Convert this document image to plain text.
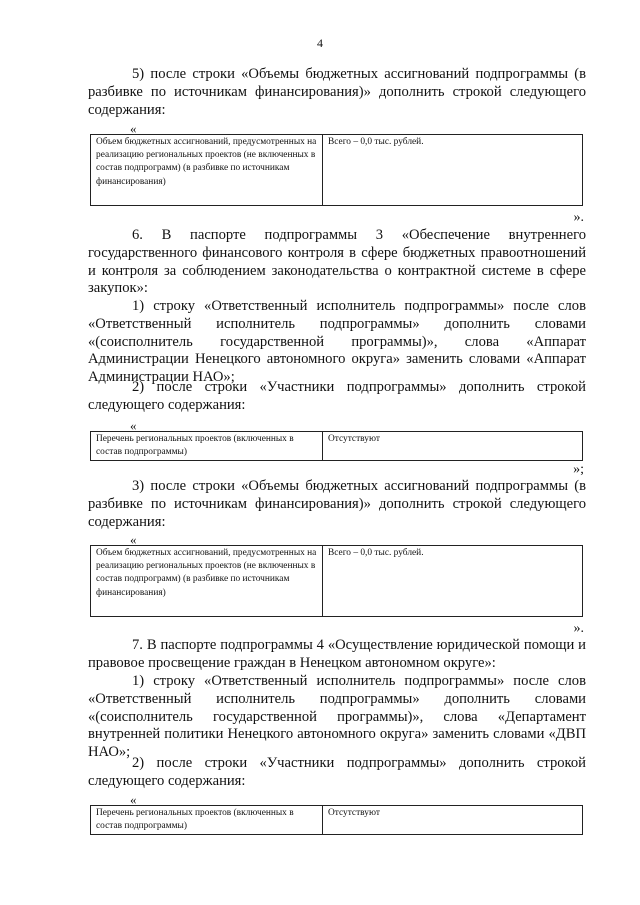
4

5) после строки «Объемы бюджетных ассигнований подпрограммы (в разбивке по источникам финансирования)» дополнить строкой следующего содержания:

«
Объем бюджетных ассигнований, предусмотренных на реализацию региональных проектов (не включенных в состав подпрограмм) (в разбивке по источникам финансирования)	Всего – 0,0 тыс. рублей.
».

6. В паспорте подпрограммы 3 «Обеспечение внутреннего государственного финансового контроля в сфере бюджетных правоотношений и контроля за соблюдением законодательства о контрактной системе в сфере закупок»:

1) строку «Ответственный исполнитель подпрограммы» после слов «Ответственный исполнитель подпрограммы» дополнить словами «(соисполнитель государственной программы)», слова «Аппарат Администрации Ненецкого автономного округа» заменить словами «Аппарат Администрации НАО»;

2) после строки «Участники подпрограммы» дополнить строкой следующего содержания:

«
Перечень региональных проектов (включенных в состав подпрограммы)	Отсутствуют
»;

3) после строки «Объемы бюджетных ассигнований подпрограммы (в разбивке по источникам финансирования)» дополнить строкой следующего содержания:

«
Объем бюджетных ассигнований, предусмотренных на реализацию региональных проектов (не включенных в состав подпрограмм) (в разбивке по источникам финансирования)	Всего – 0,0 тыс. рублей.
».

7. В паспорте подпрограммы 4 «Осуществление юридической помощи и правовое просвещение граждан в Ненецком автономном округе»:

1) строку «Ответственный исполнитель подпрограммы» после слов «Ответственный исполнитель подпрограммы» дополнить словами «(соисполнитель государственной программы)», слова «Департамент внутренней политики Ненецкого автономного округа» заменить словами «ДВП НАО»;

2) после строки «Участники подпрограммы» дополнить строкой следующего содержания:

«
Перечень региональных проектов (включенных в состав подпрограммы)	Отсутствуют
